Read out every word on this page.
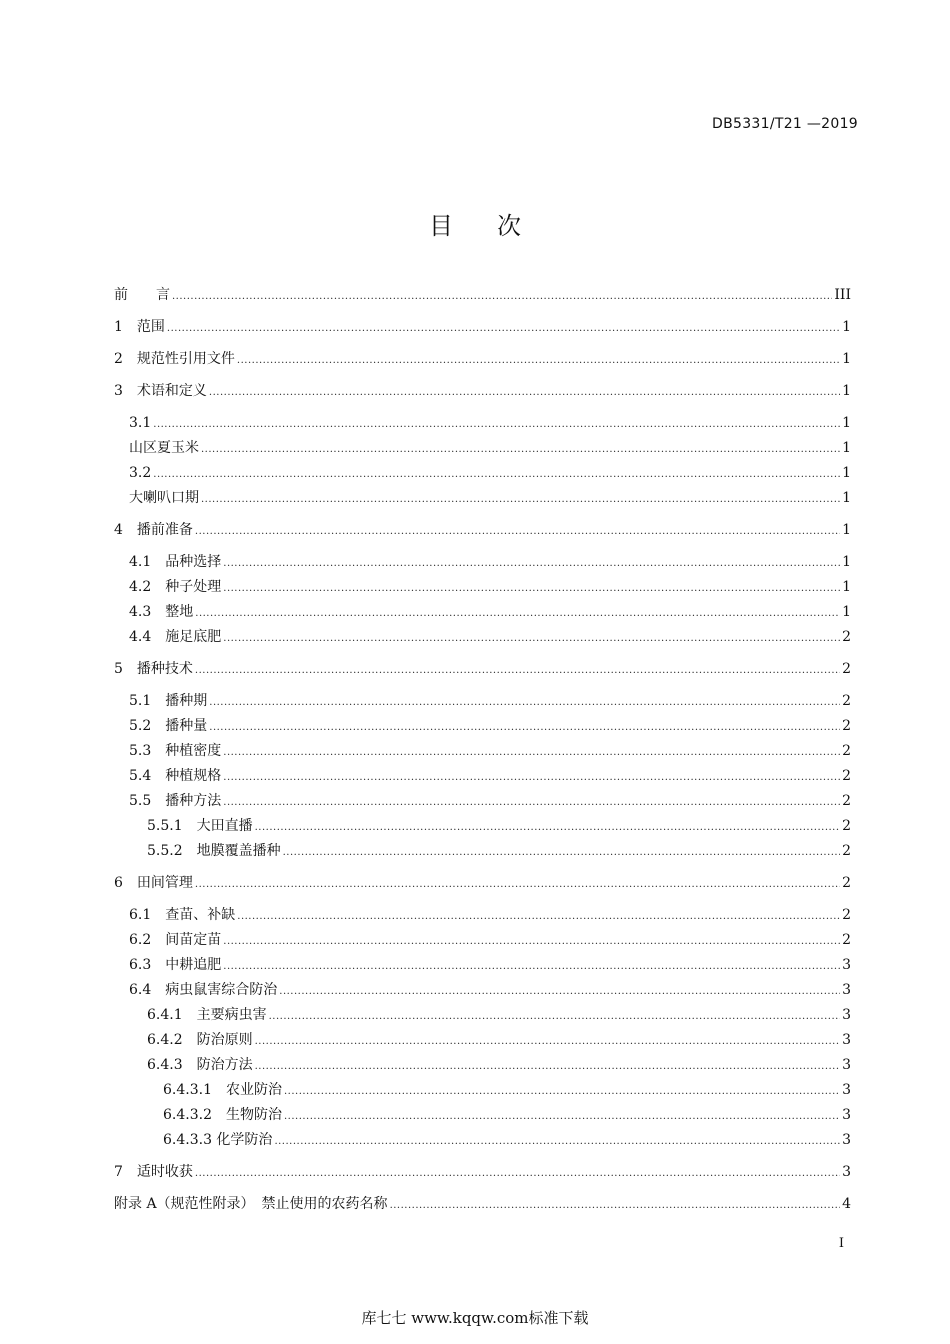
DB5331/T21 —2019
目次
前　　言 .....	III
1　范围 .....	1
2　规范性引用文件 .....	1
3　术语和定义 .....	1
3.1 .....	1
山区夏玉米 .....	1
3.2 .....	1
大喇叭口期 .....	1
4　播前准备 .....	1
4.1　品种选择 .....	1
4.2　种子处理 .....	1
4.3　整地 .....	1
4.4　施足底肥 .....	2
5　播种技术 .....	2
5.1　播种期 .....	2
5.2　播种量 .....	2
5.3　种植密度 .....	2
5.4　种植规格 .....	2
5.5　播种方法 .....	2
5.5.1　大田直播 .....	2
5.5.2　地膜覆盖播种 .....	2
6　田间管理 .....	2
6.1　查苗、补缺 .....	2
6.2　间苗定苗 .....	2
6.3　中耕追肥 .....	3
6.4　病虫鼠害综合防治 .....	3
6.4.1　主要病虫害 .....	3
6.4.2　防治原则 .....	3
6.4.3　防治方法 .....	3
6.4.3.1　农业防治 .....	3
6.4.3.2　生物防治 .....	3
6.4.3.3 化学防治 .....	3
7　适时收获 .....	3
附录 A（规范性附录）　禁止使用的农药名称 .....	4
I
库七七 www.kqqw.com标准下载
